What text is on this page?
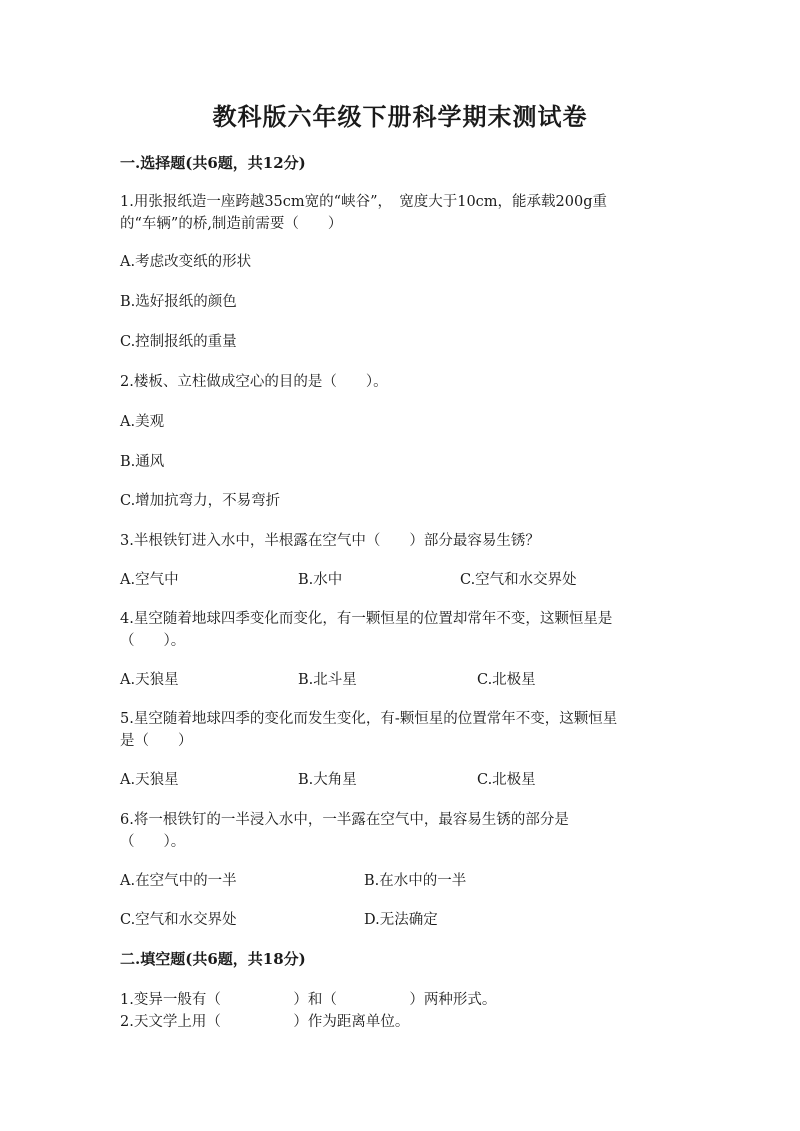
教科版六年级下册科学期末测试卷
一.选择题(共6题，共12分)
1.用张报纸造一座跨越35cm宽的“峡谷”，　宽度大于10cm，能承载200g重
的“车辆”的桥,制造前需要（　　）
A.考虑改变纸的形状
B.选好报纸的颜色
C.控制报纸的重量
2.楼板、立柱做成空心的目的是（　　）。
A.美观
B.通风
C.增加抗弯力，不易弯折
3.半根铁钉进入水中，半根露在空气中（　　）部分最容易生锈？
A.空气中	B.水中	C.空气和水交界处
4.星空随着地球四季变化而变化，有一颗恒星的位置却常年不变，这颗恒星是
（　　）。
A.天狼星	B.北斗星	C.北极星
5.星空随着地球四季的变化而发生变化，有-颗恒星的位置常年不变，这颗恒星
是（　　）
A.天狼星	B.大角星	C.北极星
6.将一根铁钉的一半浸入水中，一半露在空气中，最容易生锈的部分是
（　　）。
A.在空气中的一半	B.在水中的一半
C.空气和水交界处	D.无法确定
二.填空题(共6题，共18分)
1.变异一般有（　　　　　）和（　　　　　）两种形式。
2.天文学上用（　　　　　）作为距离单位。
